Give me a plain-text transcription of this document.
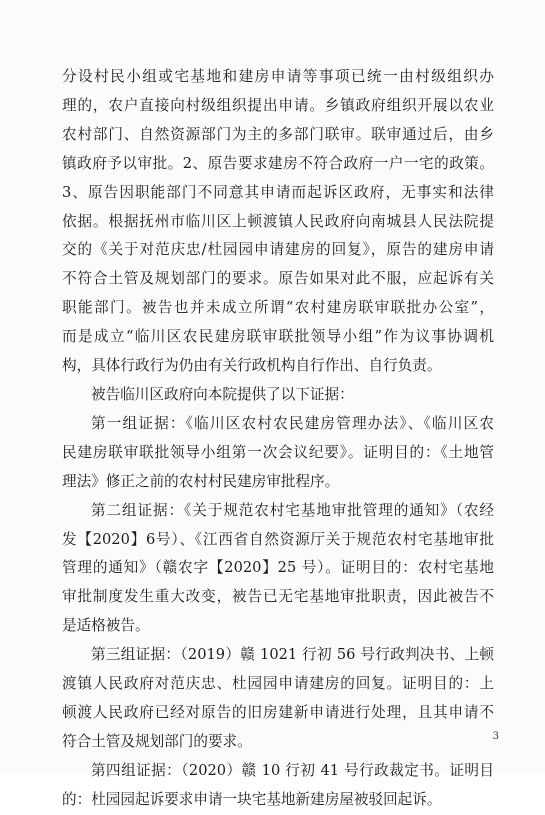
分设村民小组或宅基地和建房申请等事项已统一由村级组织办
理的，农户直接向村级组织提出申请。乡镇政府组织开展以农业
农村部门、自然资源部门为主的多部门联审。联审通过后，由乡
镇政府予以审批。2、原告要求建房不符合政府一户一宅的政策。
3、原告因职能部门不同意其申请而起诉区政府，无事实和法律
依据。根据抚州市临川区上顿渡镇人民政府向南城县人民法院提
交的《关于对范庆忠/杜园园申请建房的回复》，原告的建房申请
不符合土管及规划部门的要求。原告如果对此不服，应起诉有关
职能部门。被告也并未成立所谓“农村建房联审联批办公室”，
而是成立“临川区农民建房联审联批领导小组”作为议事协调机
构，具体行政行为仍由有关行政机构自行作出、自行负责。
被告临川区政府向本院提供了以下证据：
第一组证据：《临川区农村农民建房管理办法》、《临川区农
民建房联审联批领导小组第一次会议纪要》。证明目的：《土地管
理法》修正之前的农村村民建房审批程序。
第二组证据：《关于规范农村宅基地审批管理的通知》（农经
发【2020】6号）、《江西省自然资源厅关于规范农村宅基地审批
管理的通知》（赣农字【2020】25 号）。证明目的：农村宅基地
审批制度发生重大改变，被告已无宅基地审批职责，因此被告不
是适格被告。
第三组证据：（2019）赣 1021 行初 56 号行政判决书、上顿
渡镇人民政府对范庆忠、杜园园申请建房的回复。证明目的：上
顿渡人民政府已经对原告的旧房建新申请进行处理，且其申请不
符合土管及规划部门的要求。
第四组证据：（2020）赣 10 行初 41 号行政裁定书。证明目
的：杜园园起诉要求申请一块宅基地新建房屋被驳回起诉。
3
